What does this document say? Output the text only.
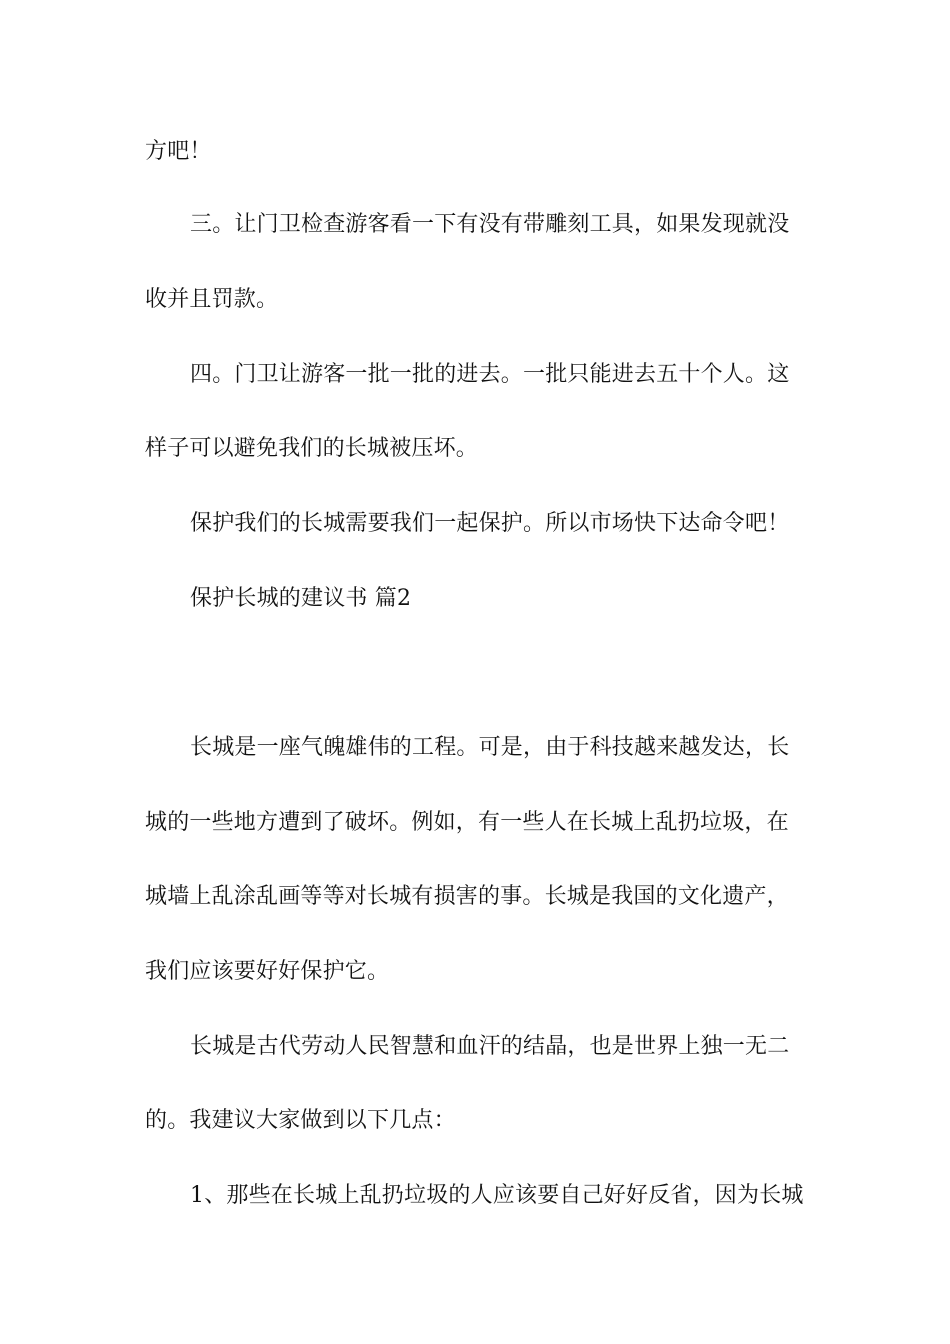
方吧！
三。让门卫检查游客看一下有没有带雕刻工具，如果发现就没
收并且罚款。
四。门卫让游客一批一批的进去。一批只能进去五十个人。这
样子可以避免我们的长城被压坏。
保护我们的长城需要我们一起保护。所以市场快下达命令吧！
保护长城的建议书 篇2
长城是一座气魄雄伟的工程。可是，由于科技越来越发达，长
城的一些地方遭到了破坏。例如，有一些人在长城上乱扔垃圾，在
城墙上乱涂乱画等等对长城有损害的事。长城是我国的文化遗产，
我们应该要好好保护它。
长城是古代劳动人民智慧和血汗的结晶，也是世界上独一无二
的。我建议大家做到以下几点：
1、那些在长城上乱扔垃圾的人应该要自己好好反省，因为长城
